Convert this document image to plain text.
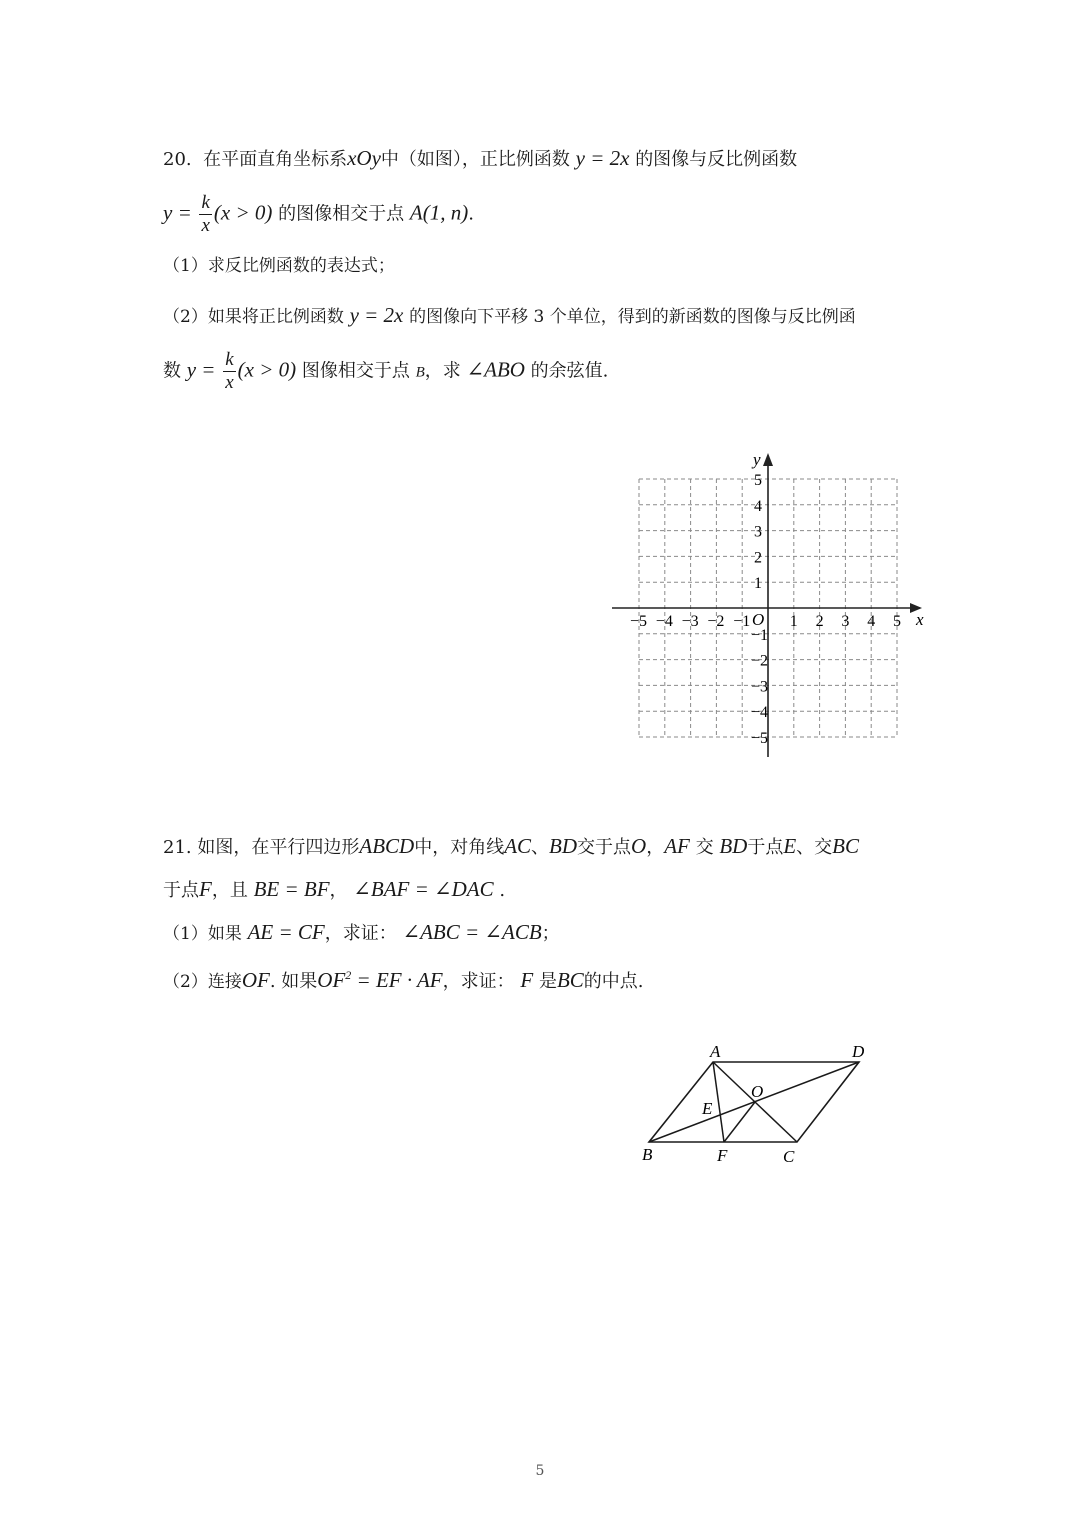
20. 在平面直角坐标系xOy中（如图），正比例函数 y = 2x 的图像与反比例函数
$y = \frac{k}{x} (x > 0)$ 的图像相交于点 A(1, n).
（1）求反比例函数的表达式；
（2）如果将正比例函数 y = 2x 的图像向下平移 3 个单位，得到的新函数的图像与反比例函
数 $y = \frac{k}{x} (x > 0)$ 图像相交于点 B，求 ∠ABO 的余弦值.
x
y
O
−5 −4 −3 −2 −1 1 2 3 4 5
5
4
3
2
1
−1
−2
−3
−4
−5
21. 如图，在平行四边形ABCD中，对角线AC、BD交于点O，AF 交 BD于点E、交BC
于点F，且 BE = BF， ∠BAF = ∠DAC .
（1）如果 AE = CF，求证： ∠ABC = ∠ACB；
（2）连接OF. 如果$OF^2$ = EF · AF，求证： F 是BC的中点.
A	D
B	F	C
E
O
5
